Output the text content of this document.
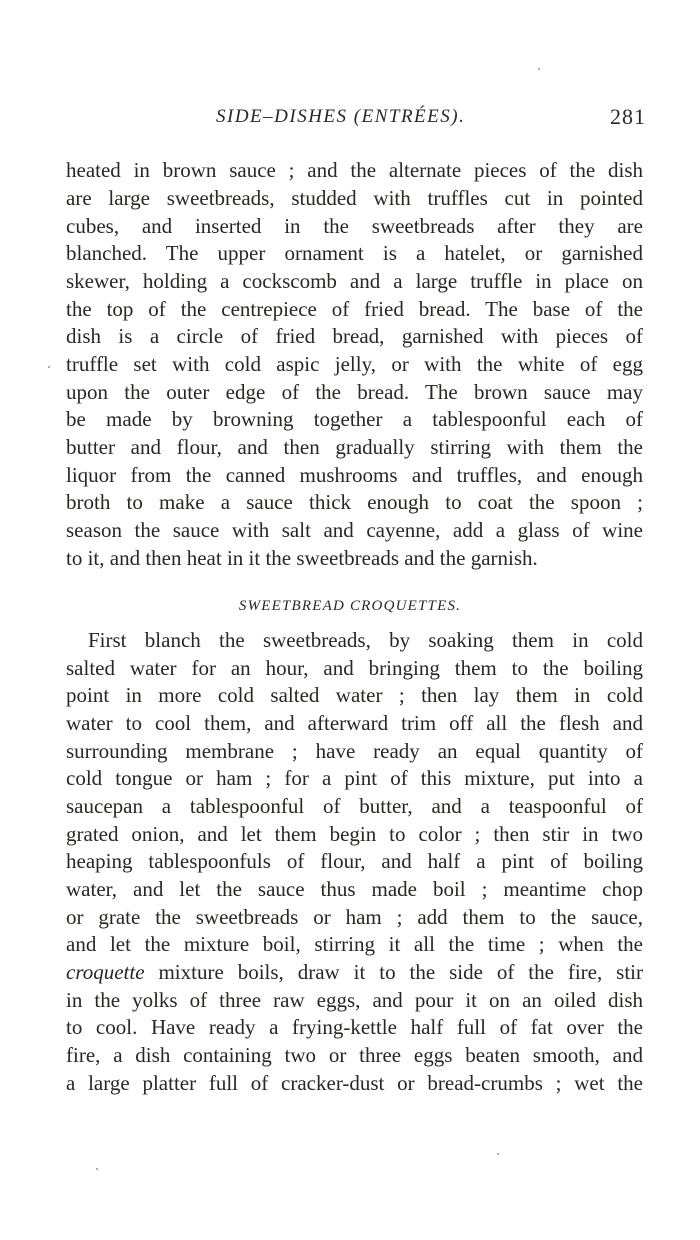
SIDE–DISHES (ENTRÉES).	281
heated in brown sauce ; and the alternate pieces of the dish
are large sweetbreads, studded with truffles cut in pointed
cubes, and inserted in the sweetbreads after they are
blanched. The upper ornament is a hatelet, or garnished
skewer, holding a cockscomb and a large truffle in place on
the top of the centrepiece of fried bread. The base of the
dish is a circle of fried bread, garnished with pieces of
truffle set with cold aspic jelly, or with the white of egg
upon the outer edge of the bread. The brown sauce may
be made by browning together a tablespoonful each of
butter and flour, and then gradually stirring with them the
liquor from the canned mushrooms and truffles, and enough
broth to make a sauce thick enough to coat the spoon ;
season the sauce with salt and cayenne, add a glass of wine
to it, and then heat in it the sweetbreads and the garnish.
SWEETBREAD CROQUETTES.
First blanch the sweetbreads, by soaking them in cold
salted water for an hour, and bringing them to the boiling
point in more cold salted water ; then lay them in cold
water to cool them, and afterward trim off all the flesh and
surrounding membrane ; have ready an equal quantity of
cold tongue or ham ; for a pint of this mixture, put into a
saucepan a tablespoonful of butter, and a teaspoonful of
grated onion, and let them begin to color ; then stir in two
heaping tablespoonfuls of flour, and half a pint of boiling
water, and let the sauce thus made boil ; meantime chop
or grate the sweetbreads or ham ; add them to the sauce,
and let the mixture boil, stirring it all the time ; when the
croquette mixture boils, draw it to the side of the fire, stir
in the yolks of three raw eggs, and pour it on an oiled dish
to cool. Have ready a frying-kettle half full of fat over the
fire, a dish containing two or three eggs beaten smooth, and
a large platter full of cracker-dust or bread-crumbs ; wet the
